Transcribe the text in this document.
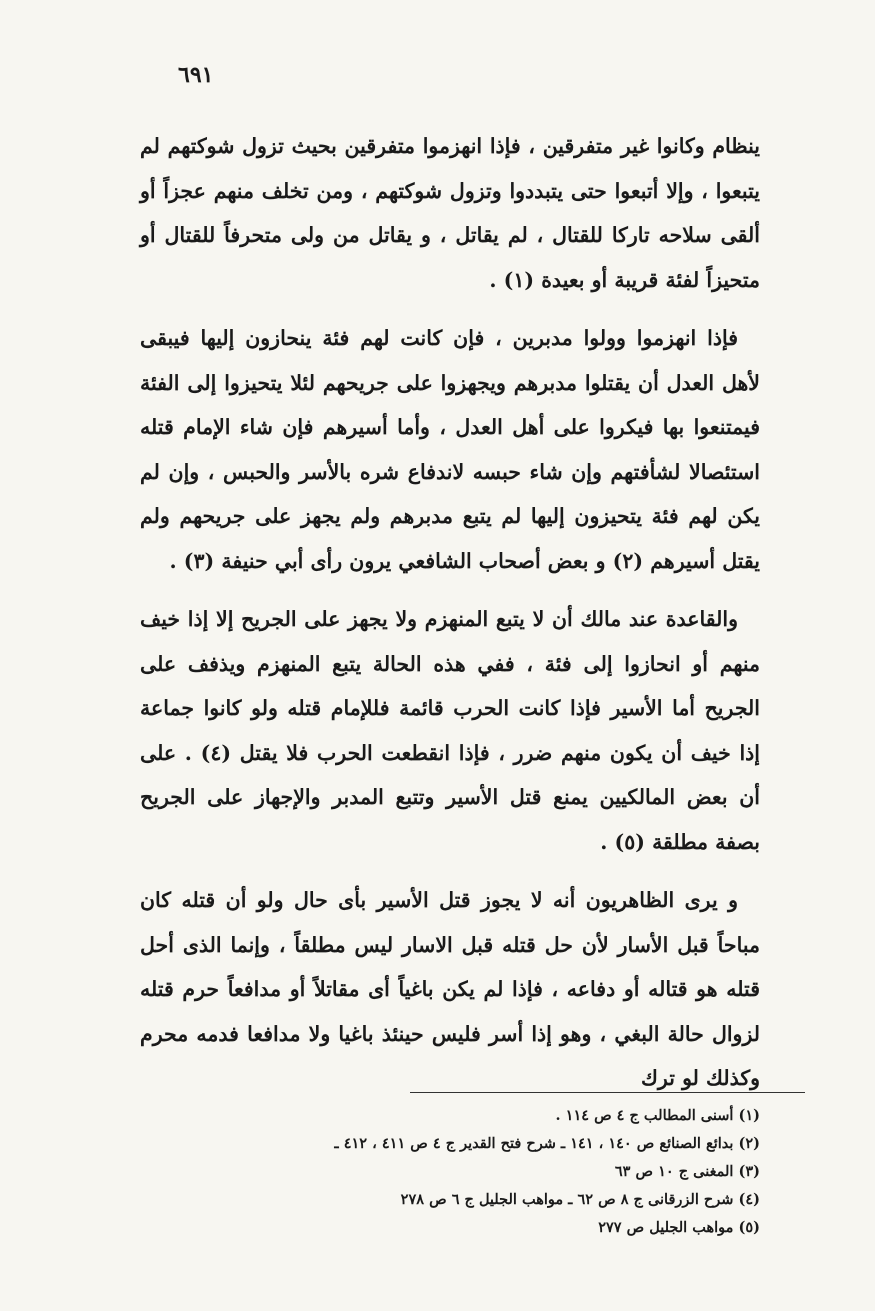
٦٩١

ينظام وكانوا غير متفرقين ، فإذا انهزموا متفرقين بحيث تزول شوكتهم لم يتبعوا ، وإلا أتبعوا حتى يتبددوا وتزول شوكتهم ، ومن تخلف منهم عجزاً أو ألقى سلاحه تاركا للقتال ، لم يقاتل ، و يقاتل من ولى متحرفاً للقتال أو متحيزاً لفئة قريبة أو بعيدة (١) .

فإذا انهزموا وولوا مدبرين ، فإن كانت لهم فئة ينحازون إليها فيبقى لأهل العدل أن يقتلوا مدبرهم ويجهزوا على جريحهم لئلا يتحيزوا إلى الفئة فيمتنعوا بها فيكروا على أهل العدل ، وأما أسيرهم فإن شاء الإمام قتله استئصالا لشأفتهم وإن شاء حبسه لاندفاع شره بالأسر والحبس ، وإن لم يكن لهم فئة يتحيزون إليها لم يتبع مدبرهم ولم يجهز على جريحهم ولم يقتل أسيرهم (٢) و بعض أصحاب الشافعي يرون رأى أبي حنيفة (٣) .

والقاعدة عند مالك أن لا يتبع المنهزم ولا يجهز على الجريح إلا إذا خيف منهم أو انحازوا إلى فئة ، ففي هذه الحالة يتبع المنهزم ويذفف على الجريح أما الأسير فإذا كانت الحرب قائمة فللإمام قتله ولو كانوا جماعة إذا خيف أن يكون منهم ضرر ، فإذا انقطعت الحرب فلا يقتل (٤) . على أن بعض المالكيين يمنع قتل الأسير وتتبع المدبر والإجهاز على الجريح بصفة مطلقة (٥) .

و يرى الظاهريون أنه لا يجوز قتل الأسير بأى حال ولو أن قتله كان مباحاً قبل الأسار لأن حل قتله قبل الاسار ليس مطلقاً ، وإنما الذى أحل قتله هو قتاله أو دفاعه ، فإذا لم يكن باغياً أى مقاتلاً أو مدافعاً حرم قتله لزوال حالة البغي ، وهو إذا أسر فليس حينئذ باغيا ولا مدافعا فدمه محرم وكذلك لو ترك

(١) أسنى المطالب ج ٤ ص ١١٤ .
(٢) بدائع الصنائع ص ١٤٠ ، ١٤١ ـ شرح فتح القدير ج ٤ ص ٤١١ ، ٤١٢ ـ
(٣) المغنى ج ١٠ ص ٦٣
(٤) شرح الزرقانى ج ٨ ص ٦٢ ـ مواهب الجليل ج ٦ ص ٢٧٨
(٥) مواهب الجليل ص ٢٧٧
